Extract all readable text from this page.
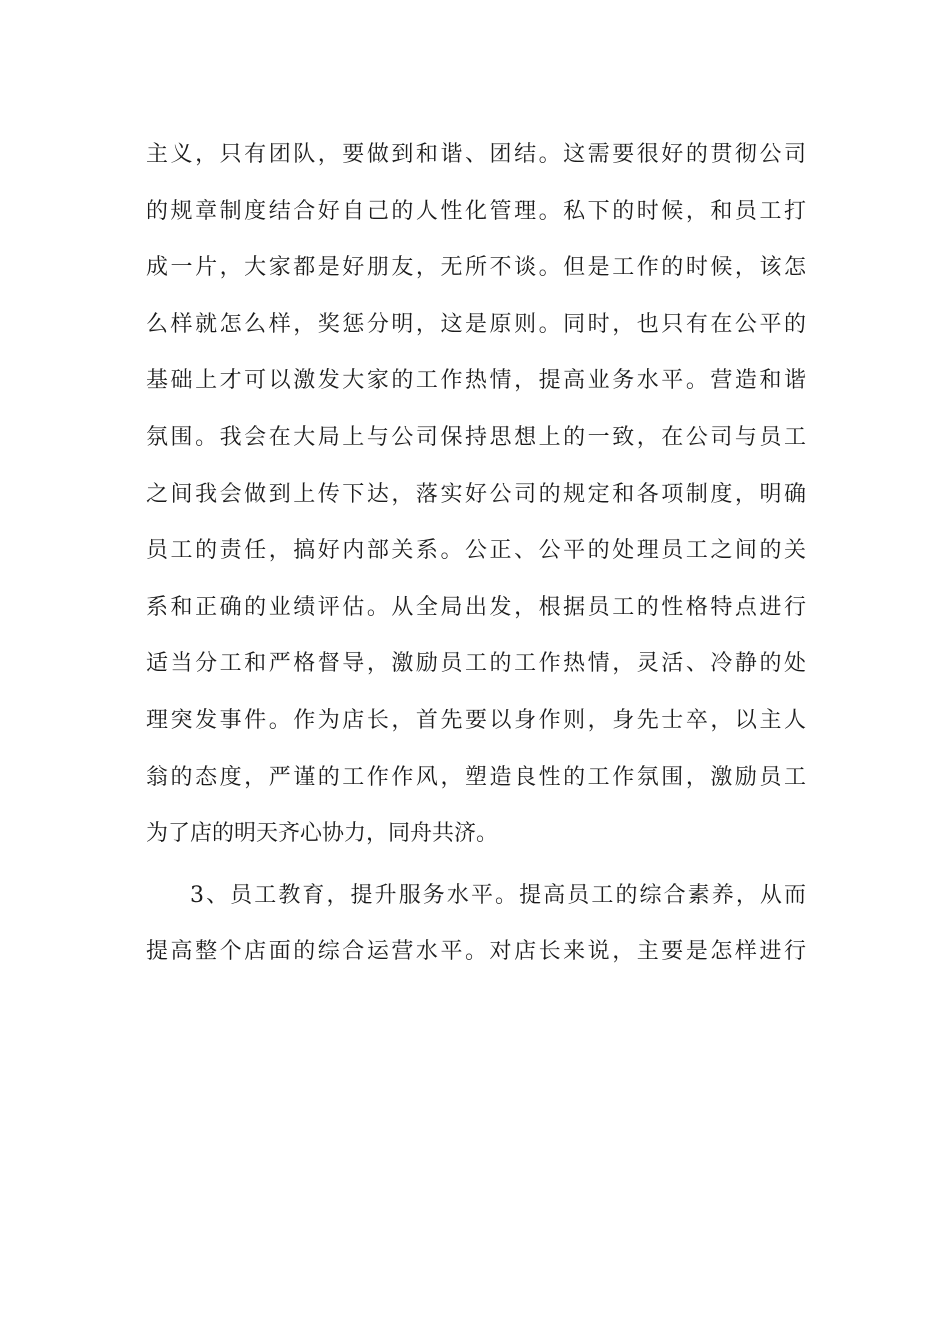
主义，只有团队，要做到和谐、团结。这需要很好的贯彻公司
的规章制度结合好自己的人性化管理。私下的时候，和员工打
成一片，大家都是好朋友，无所不谈。但是工作的时候，该怎
么样就怎么样，奖惩分明，这是原则。同时，也只有在公平的
基础上才可以激发大家的工作热情，提高业务水平。营造和谐
氛围。我会在大局上与公司保持思想上的一致，在公司与员工
之间我会做到上传下达，落实好公司的规定和各项制度，明确
员工的责任，搞好内部关系。公正、公平的处理员工之间的关
系和正确的业绩评估。从全局出发，根据员工的性格特点进行
适当分工和严格督导，激励员工的工作热情，灵活、冷静的处
理突发事件。作为店长，首先要以身作则，身先士卒，以主人
翁的态度，严谨的工作作风，塑造良性的工作氛围，激励员工
为了店的明天齐心协力，同舟共济。
3、员工教育，提升服务水平。提高员工的综合素养，从而
提高整个店面的综合运营水平。对店长来说，主要是怎样进行
